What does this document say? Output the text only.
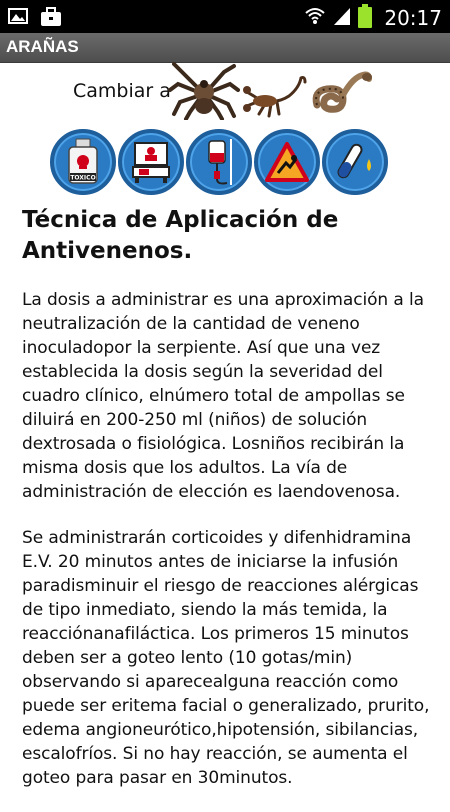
20:17
ARAÑAS
Cambiar a
TOXICO
Técnica de Aplicación de Antivenenos.

La dosis a administrar es una aproximación a la neutralización de la cantidad de veneno inoculadopor la serpiente. Así que una vez establecida la dosis según la severidad del cuadro clínico, elnúmero total de ampollas se diluirá en 200-250 ml (niños) de solución dextrosada o fisiológica. Losniños recibirán la misma dosis que los adultos. La vía de administración de elección es laendovenosa.

Se administrarán corticoides y difenhidramina E.V. 20 minutos antes de iniciarse la infusión paradisminuir el riesgo de reacciones alérgicas de tipo inmediato, siendo la más temida, la reacciónanafiláctica. Los primeros 15 minutos deben ser a goteo lento (10 gotas/min) observando si aparecealguna reacción como puede ser eritema facial o generalizado, prurito, edema angioneurótico,hipotensión, sibilancias, escalofríos. Si no hay reacción, se aumenta el goteo para pasar en 30minutos.
